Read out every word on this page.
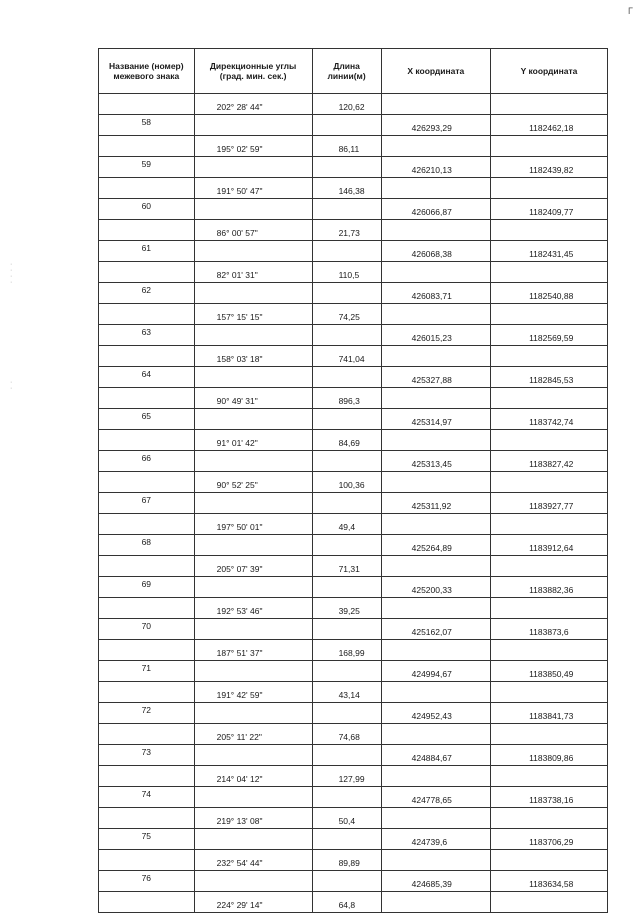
Г
·
·
·
·
·
·
Название (номер) межевого знака	Дирекционные углы (град. мин. сек.)	Длина линии(м)	X координата	Y координата
	202° 28' 44"	120,62		
58			426293,29	1182462,18
	195° 02' 59"	86,11		
59			426210,13	1182439,82
	191° 50' 47"	146,38		
60			426066,87	1182409,77
	86° 00' 57"	21,73		
61			426068,38	1182431,45
	82° 01' 31"	110,5		
62			426083,71	1182540,88
	157° 15' 15"	74,25		
63			426015,23	1182569,59
	158° 03' 18"	741,04		
64			425327,88	1182845,53
	90° 49' 31"	896,3		
65			425314,97	1183742,74
	91° 01' 42"	84,69		
66			425313,45	1183827,42
	90° 52' 25"	100,36		
67			425311,92	1183927,77
	197° 50' 01"	49,4		
68			425264,89	1183912,64
	205° 07' 39"	71,31		
69			425200,33	1183882,36
	192° 53' 46"	39,25		
70			425162,07	1183873,6
	187° 51' 37"	168,99		
71			424994,67	1183850,49
	191° 42' 59"	43,14		
72			424952,43	1183841,73
	205° 11' 22"	74,68		
73			424884,67	1183809,86
	214° 04' 12"	127,99		
74			424778,65	1183738,16
	219° 13' 08"	50,4		
75			424739,6	1183706,29
	232° 54' 44"	89,89		
76			424685,39	1183634,58
	224° 29' 14"	64,8		
